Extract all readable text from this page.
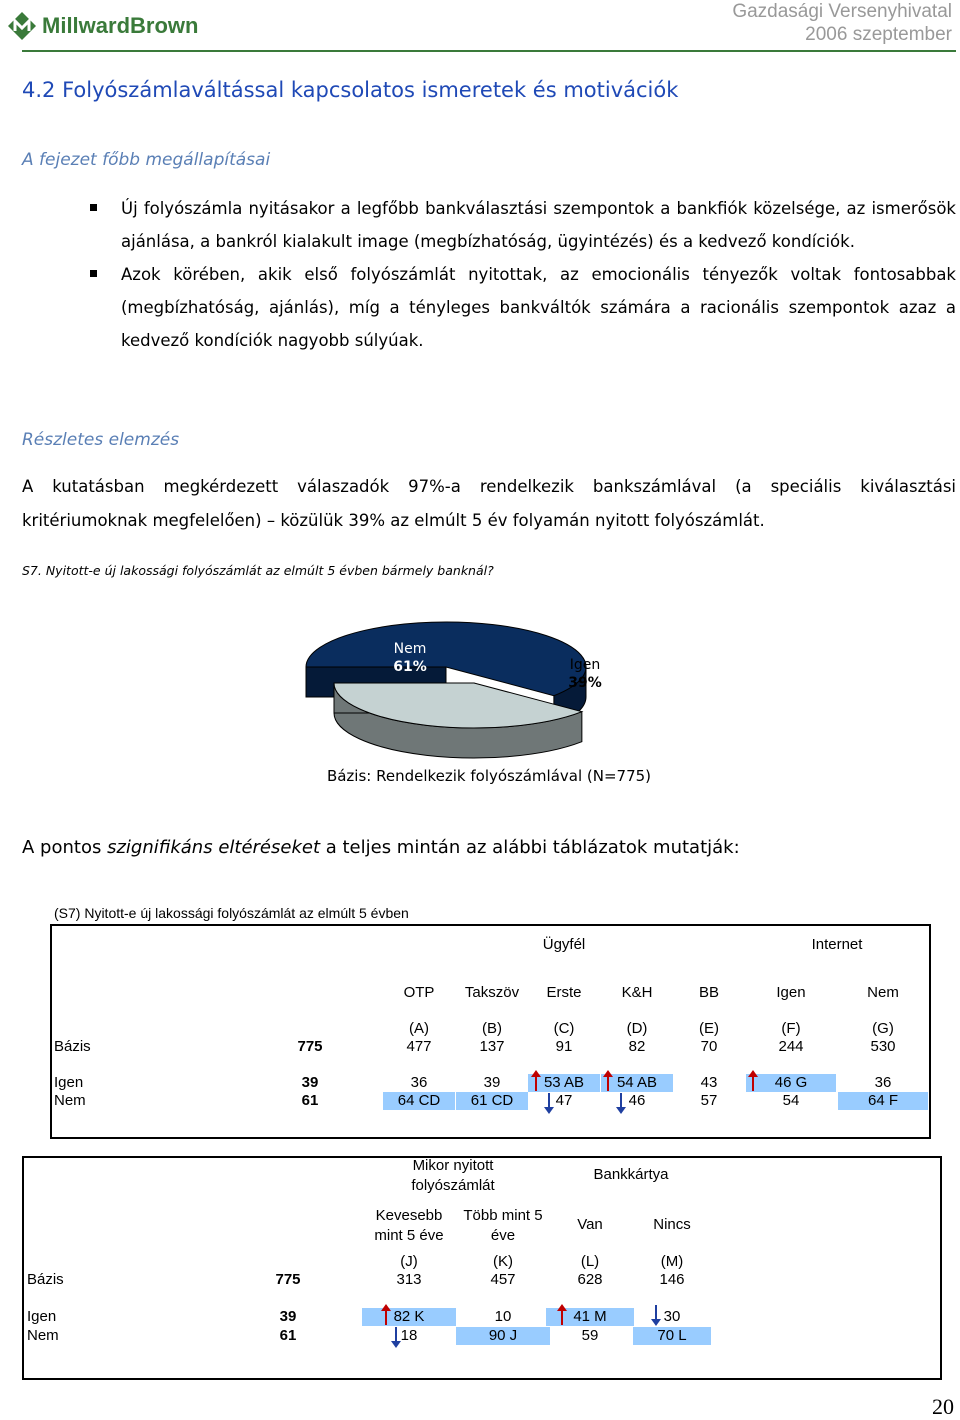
MillwardBrown
Gazdasági Versenyhivatal
2006 szeptember
4.2 Folyószámlaváltással kapcsolatos ismeretek és motivációk
A fejezet főbb megállapításai
Új folyószámla nyitásakor a legfőbb bankválasztási szempontok a bankfiók közelsége, az ismerősök ajánlása, a bankról kialakult image (megbízhatóság, ügyintézés) és a kedvező kondíciók.
Azok körében, akik első folyószámlát nyitottak, az emocionális tényezők voltak fontosabbak (megbízhatóság, ajánlás), míg a tényleges bankváltók számára a racionális szempontok azaz a kedvező kondíciók nagyobb súlyúak.
Részletes elemzés
A kutatásban megkérdezett válaszadók 97%-a rendelkezik bankszámlával (a speciális kiválasztási kritériumoknak megfelelően) – közülük 39% az elmúlt 5 év folyamán nyitott folyószámlát.
S7. Nyitott-e új lakossági folyószámlát az elmúlt 5 évben bármely banknál?
Nem
61%	Igen
39%
Bázis: Rendelkezik folyószámlával (N=775)
A pontos szignifikáns eltéréseket a teljes mintán az alábbi táblázatok mutatják:
(S7) Nyitott-e új lakossági folyószámlát az elmúlt 5 évben
Ügyfél	Internet
OTP	Takszöv	Erste	K&H	BB	Igen	Nem
(A)	(B)	(C)	(D)	(E)	(F)	(G)
Bázis	775	477	137	91	82	70	244	530
Igen	39	36	39	53 AB	54 AB	43	46 G	36
Nem	61	64 CD	61 CD	47	46	57	54	64 F
Mikor nyitott folyószámlát
Bankkártya
Kevesebb mint 5 éve
Több mint 5 éve
Van	Nincs
(J)	(K)	(L)	(M)
Bázis	775	313	457	628	146
Igen	39	82 K	10	41 M	30
Nem	61	18	90 J	59	70 L
20
